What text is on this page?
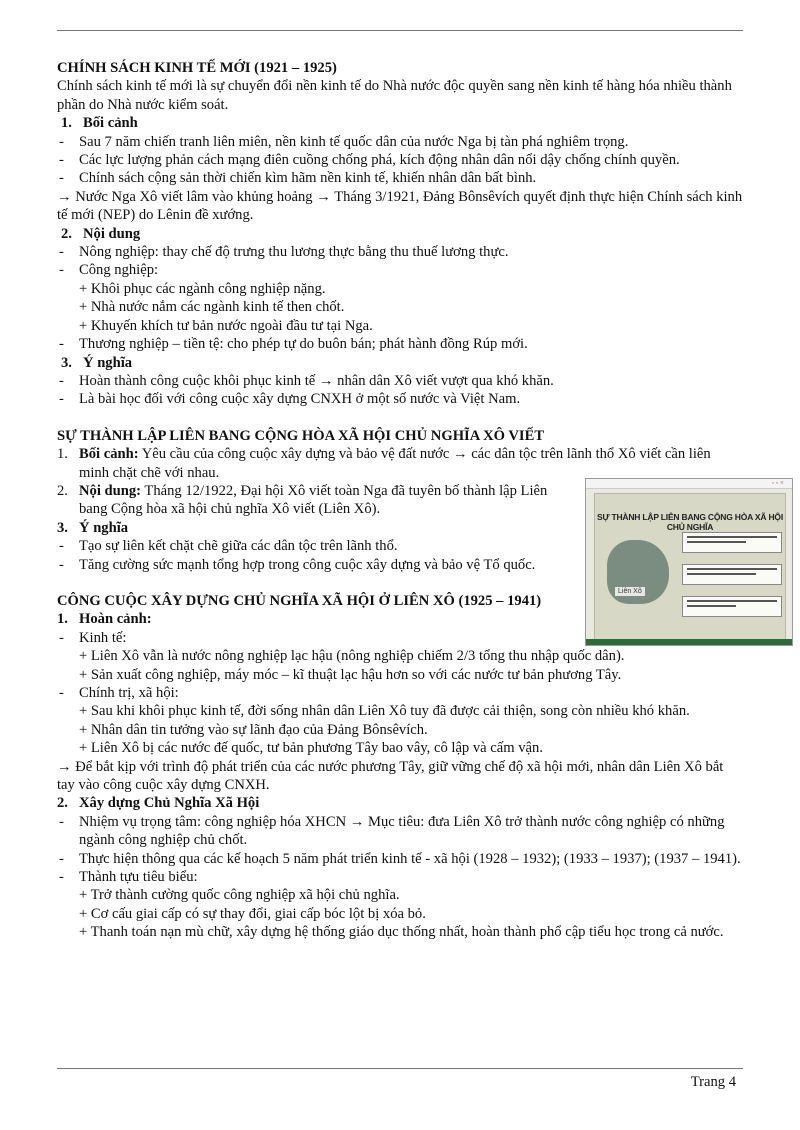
CHÍNH SÁCH KINH TẾ MỚI (1921 – 1925)
Chính sách kinh tế mới là sự chuyển đổi nền kinh tế do Nhà nước độc quyền sang nền kinh tế hàng hóa nhiều thành phần do Nhà nước kiểm soát.
1. Bối cảnh
-	Sau 7 năm chiến tranh liên miên, nền kinh tế quốc dân của nước Nga bị tàn phá nghiêm trọng.
-	Các lực lượng phản cách mạng điên cuồng chống phá, kích động nhân dân nổi dậy chống chính quyền.
-	Chính sách cộng sản thời chiến kìm hãm nền kinh tế, khiến nhân dân bất bình.
→ Nước Nga Xô viết lâm vào khủng hoảng → Tháng 3/1921, Đảng Bônsêvích quyết định thực hiện Chính sách kinh tế mới (NEP) do Lênin đề xướng.
2. Nội dung
-	Nông nghiệp: thay chế độ trưng thu lương thực bằng thu thuế lương thực.
-	Công nghiệp:
+ Khôi phục các ngành công nghiệp nặng.
+ Nhà nước nắm các ngành kinh tế then chốt.
+ Khuyến khích tư bản nước ngoài đầu tư tại Nga.
-	Thương nghiệp – tiền tệ: cho phép tự do buôn bán; phát hành đồng Rúp mới.
3. Ý nghĩa
-	Hoàn thành công cuộc khôi phục kinh tế → nhân dân Xô viết vượt qua khó khăn.
-	Là bài học đối với công cuộc xây dựng CNXH ở một số nước và Việt Nam.
SỰ THÀNH LẬP LIÊN BANG CỘNG HÒA XÃ HỘI CHỦ NGHĨA XÔ VIẾT
1. Bối cảnh: Yêu cầu của công cuộc xây dựng và bảo vệ đất nước → các dân tộc trên lãnh thổ Xô viết cần liên minh chặt chẽ với nhau.
2. Nội dung: Tháng 12/1922, Đại hội Xô viết toàn Nga đã tuyên bố thành lập Liên bang Cộng hòa xã hội chủ nghĩa Xô viết (Liên Xô).
3. Ý nghĩa
-	Tạo sự liên kết chặt chẽ giữa các dân tộc trên lãnh thổ.
-	Tăng cường sức mạnh tổng hợp trong công cuộc xây dựng và bảo vệ Tổ quốc.
CÔNG CUỘC XÂY DỰNG CHỦ NGHĨA XÃ HỘI Ở LIÊN XÔ (1925 – 1941)
1. Hoàn cảnh:
-	Kinh tế:
+ Liên Xô vẫn là nước nông nghiệp lạc hậu (nông nghiệp chiếm 2/3 tổng thu nhập quốc dân).
+ Sản xuất công nghiệp, máy móc – kĩ thuật lạc hậu hơn so với các nước tư bản phương Tây.
-	Chính trị, xã hội:
+ Sau khi khôi phục kinh tế, đời sống nhân dân Liên Xô tuy đã được cải thiện, song còn nhiều khó khăn.
+ Nhân dân tin tưởng vào sự lãnh đạo của Đảng Bônsêvích.
+ Liên Xô bị các nước đế quốc, tư bản phương Tây bao vây, cô lập và cấm vận.
→ Để bắt kịp với trình độ phát triển của các nước phương Tây, giữ vững chế độ xã hội mới, nhân dân Liên Xô bắt tay vào công cuộc xây dựng CNXH.
2. Xây dựng Chủ Nghĩa Xã Hội
-	Nhiệm vụ trọng tâm: công nghiệp hóa XHCN → Mục tiêu: đưa Liên Xô trở thành nước công nghiệp có những ngành công nghiệp chủ chốt.
-	Thực hiện thông qua các kế hoạch 5 năm phát triển kinh tế - xã hội (1928 – 1932); (1933 – 1937); (1937 – 1941).
-	Thành tựu tiêu biểu:
+ Trở thành cường quốc công nghiệp xã hội chủ nghĩa.
+ Cơ cấu giai cấp có sự thay đổi, giai cấp bóc lột bị xóa bỏ.
+ Thanh toán nạn mù chữ, xây dựng hệ thống giáo dục thống nhất, hoàn thành phổ cập tiểu học trong cả nước.
◦ ◦ ×
SỰ THÀNH LẬP LIÊN BANG CỘNG HÒA XÃ HỘI CHỦ NGHĨA
Liên Xô
Trang 4
